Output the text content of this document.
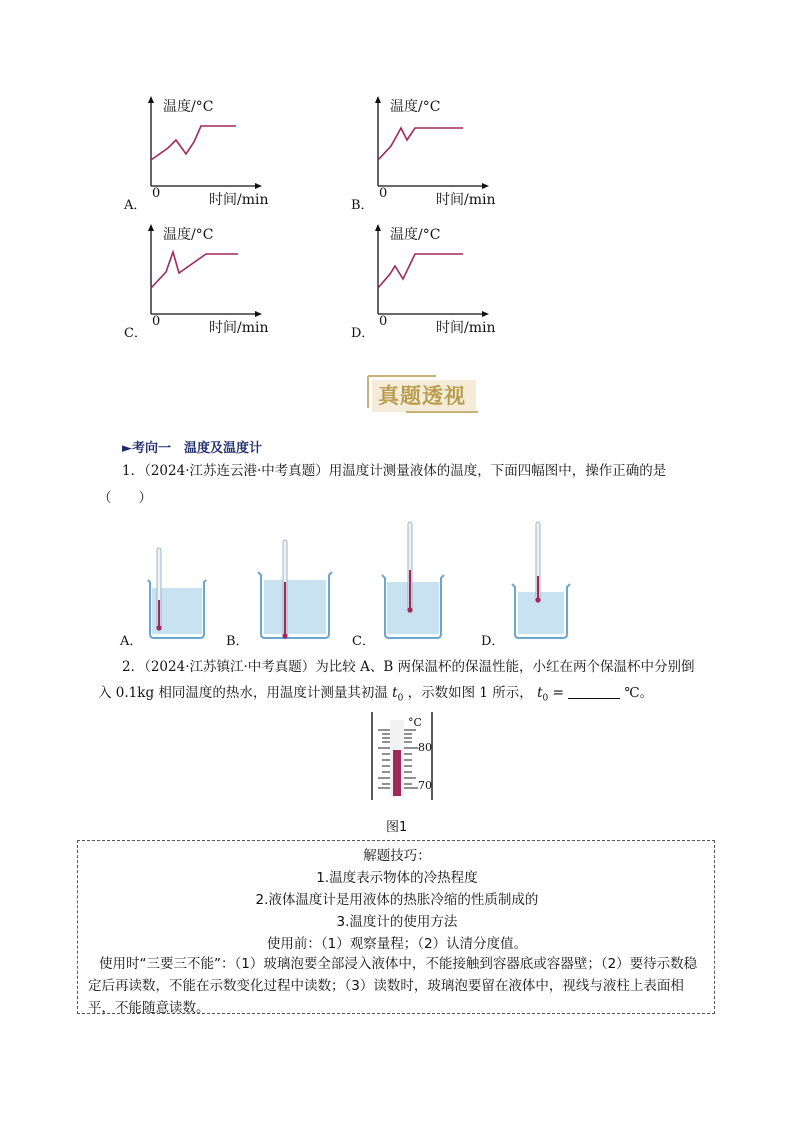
温度/°C
0	时间/min
A．
温度/°C
0	时间/min
B．
温度/°C
0	时间/min
C．
温度/°C
0	时间/min
D．
真题透视
►考向一　温度及温度计
1．（2024·江苏连云港·中考真题）用温度计测量液体的温度，下面四幅图中，操作正确的是
（　　）
A．	B．	C．	D．
2．（2024·江苏镇江·中考真题）为比较 A、B 两保温杯的保温性能，小红在两个保温杯中分别倒
入 0.1kg 相同温度的热水，用温度计测量其初温 $t_0$ ，示数如图 1 所示， $t_0$ =	℃。
°C
80
70
图1
解题技巧：
1.温度表示物体的冷热程度
2.液体温度计是用液体的热胀冷缩的性质制成的
3.温度计的使用方法
使用前：（1）观察量程；（2）认清分度值。
使用时“三要三不能”：（1）玻璃泡要全部浸入液体中，不能接触到容器底或容器壁；（2）要待示数稳定后再读数，不能在示数变化过程中读数；（3）读数时，玻璃泡要留在液体中，视线与液柱上表面相平，不能随意读数。
